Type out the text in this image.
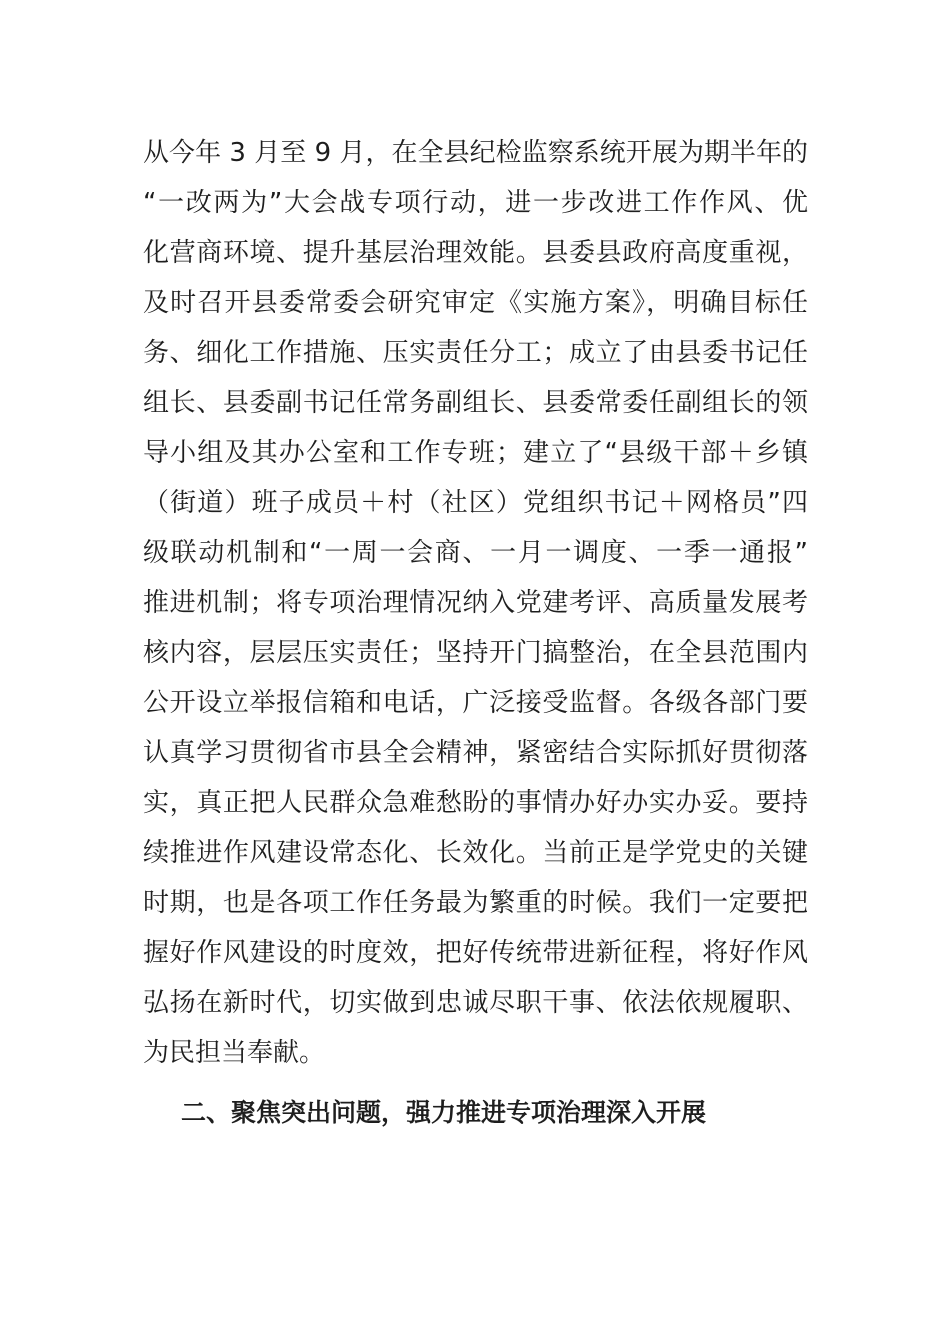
从今年 3 月至 9 月，在全县纪检监察系统开展为期半年的
“一改两为”大会战专项行动，进一步改进工作作风、优
化营商环境、提升基层治理效能。县委县政府高度重视，
及时召开县委常委会研究审定《实施方案》，明确目标任
务、细化工作措施、压实责任分工；成立了由县委书记任
组长、县委副书记任常务副组长、县委常委任副组长的领
导小组及其办公室和工作专班；建立了“县级干部＋乡镇
（街道）班子成员＋村（社区）党组织书记＋网格员”四
级联动机制和“一周一会商、一月一调度、一季一通报”
推进机制；将专项治理情况纳入党建考评、高质量发展考
核内容，层层压实责任；坚持开门搞整治，在全县范围内
公开设立举报信箱和电话，广泛接受监督。各级各部门要
认真学习贯彻省市县全会精神，紧密结合实际抓好贯彻落
实，真正把人民群众急难愁盼的事情办好办实办妥。要持
续推进作风建设常态化、长效化。当前正是学党史的关键
时期，也是各项工作任务最为繁重的时候。我们一定要把
握好作风建设的时度效，把好传统带进新征程，将好作风
弘扬在新时代，切实做到忠诚尽职干事、依法依规履职、
为民担当奉献。
二、聚焦突出问题，强力推进专项治理深入开展
